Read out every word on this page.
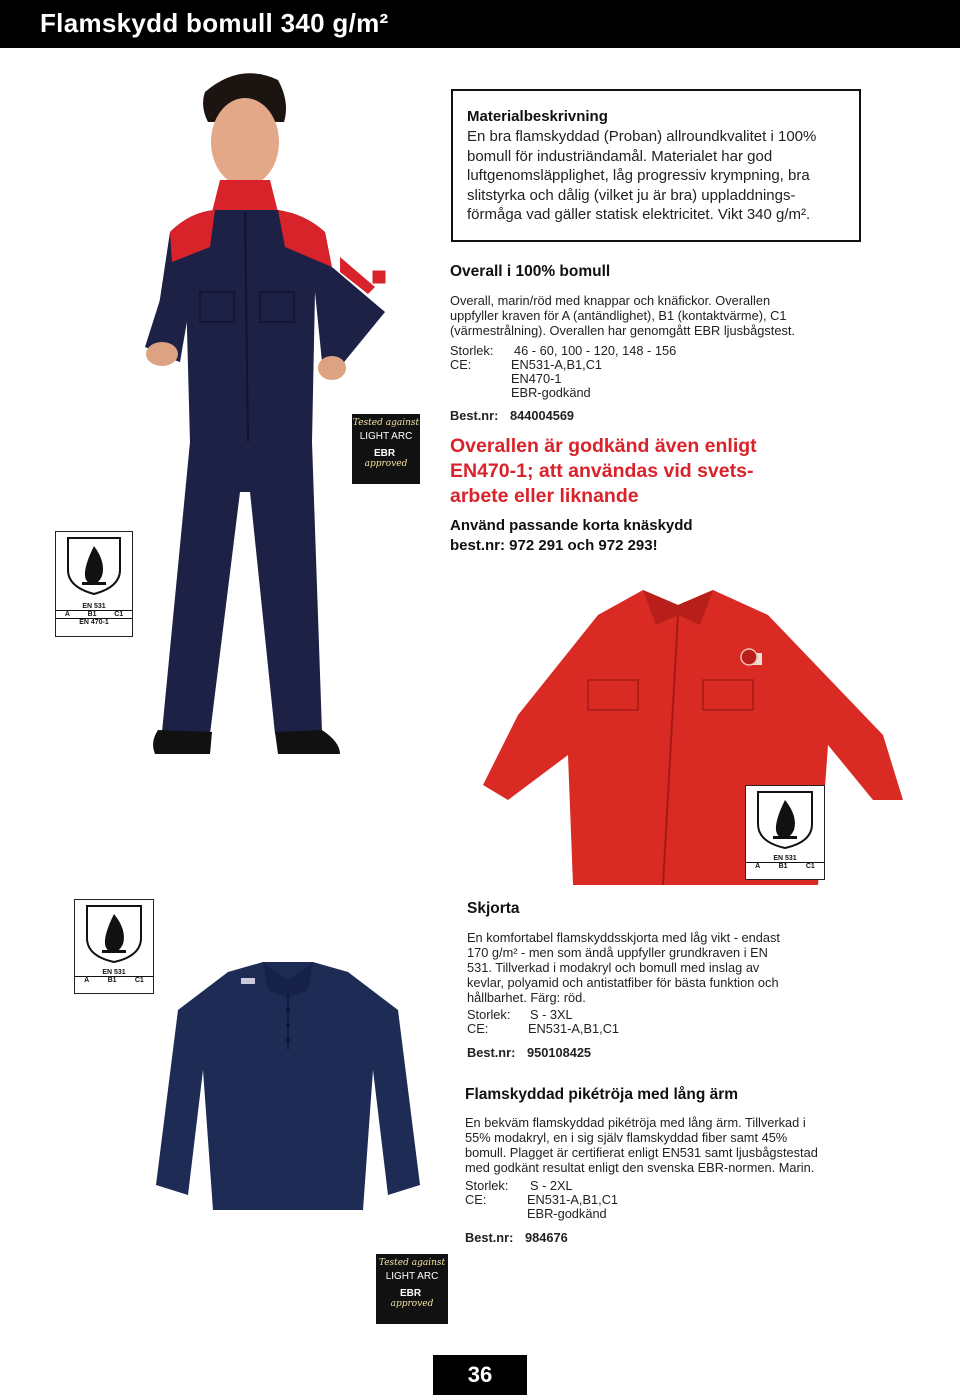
Flamskydd bomull 340 g/m²
Materialbeskrivning
En bra flamskyddad (Proban) allroundkvalitet i 100%
bomull för industriändamål. Materialet har god
luftgenomsläpplighet, låg progressiv krympning, bra
slitstyrka och dålig (vilket ju är bra) uppladdnings-
förmåga vad gäller statisk elektricitet. Vikt 340 g/m².
Overall i 100% bomull
Overall, marin/röd med knappar och knäfickor. Overallen
uppfyller kraven för A (antändlighet), B1 (kontaktvärme), C1
(värmestrålning). Overallen har genomgått EBR ljusbågstest.
Storlek: 46 - 60, 100 - 120, 148 - 156
CE:	EN531-A,B1,C1
EN470-1
EBR-godkänd
Best.nr: 844004569
Tested against
LIGHT ARC
EBR
approved
Overallen är godkänd även enligt
EN470-1; att användas vid svets-
arbete eller liknande
Använd passande korta knäskydd
best.nr: 972 291 och 972 293!
EN 531
A	B1	C1
EN 470-1
EN 531
A	B1	C1
EN 531
A	B1	C1
Skjorta
En komfortabel flamskyddsskjorta med låg vikt - endast
170 g/m² - men som ändå uppfyller grundkraven i EN
531. Tillverkad i modakryl och bomull med inslag av
kevlar, polyamid och antistatfiber för bästa funktion och
hållbarhet. Färg: röd.
Storlek: S - 3XL
CE:	EN531-A,B1,C1
Best.nr: 950108425
Flamskyddad pikétröja med lång ärm
En bekväm flamskyddad pikétröja med lång ärm. Tillverkad i
55% modakryl, en i sig själv flamskyddad fiber samt 45%
bomull. Plagget är certifierat enligt EN531 samt ljusbågstestad
med godkänt resultat enligt den svenska EBR-normen. Marin.
Storlek: S - 2XL
CE:	EN531-A,B1,C1
EBR-godkänd
Best.nr: 984676
Tested against
LIGHT ARC
EBR
approved
36
